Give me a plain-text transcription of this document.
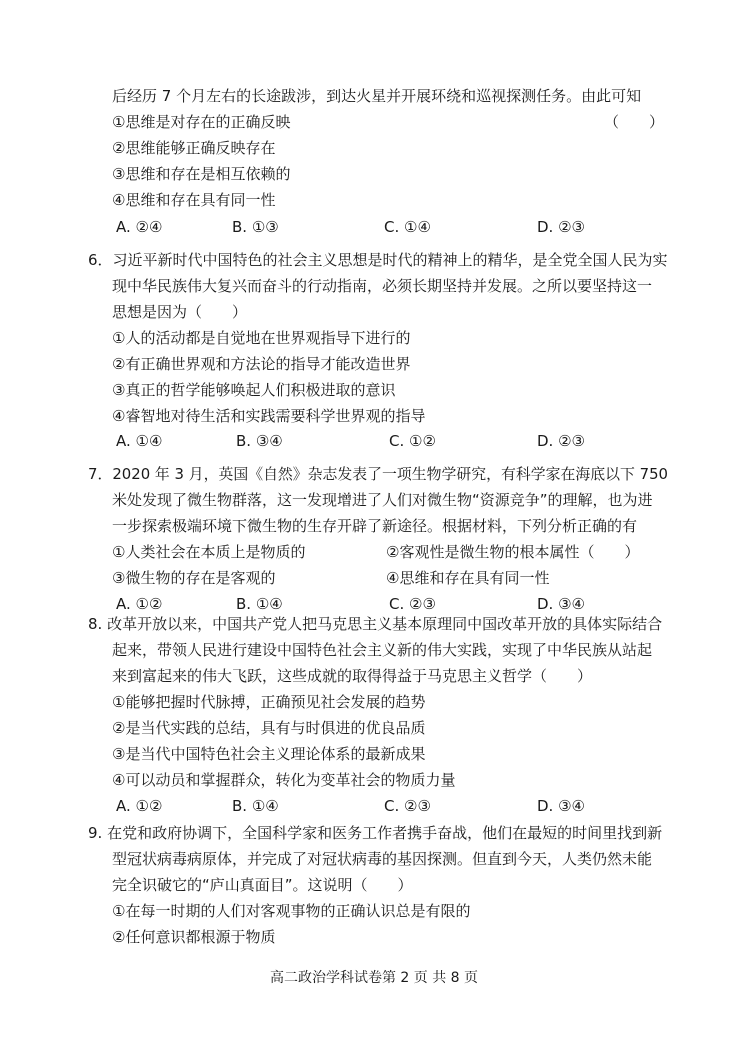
后经历 7 个月左右的长途跋涉，到达火星并开展环绕和巡视探测任务。由此可知
①思维是对存在的正确反映	（　　）
②思维能够正确反映存在
③思维和存在是相互依赖的
④思维和存在具有同一性
A. ②④	B. ①③	C. ①④	D. ②③
6．习近平新时代中国特色的社会主义思想是时代的精神上的精华，是全党全国人民为实
现中华民族伟大复兴而奋斗的行动指南，必须长期坚持并发展。之所以要坚持这一
思想是因为（　　）
①人的活动都是自觉地在世界观指导下进行的
②有正确世界观和方法论的指导才能改造世界
③真正的哲学能够唤起人们积极进取的意识
④睿智地对待生活和实践需要科学世界观的指导
A. ①④	B. ③④	C. ①②	D. ②③
7．2020 年 3 月，英国《自然》杂志发表了一项生物学研究，有科学家在海底以下 750
米处发现了微生物群落，这一发现增进了人们对微生物“资源竞争”的理解，也为进
一步探索极端环境下微生物的生存开辟了新途径。根据材料，下列分析正确的有
①人类社会在本质上是物质的	②客观性是微生物的根本属性（　　）
③微生物的存在是客观的	④思维和存在具有同一性
A. ①②	B. ①④	C. ②③	D. ③④
8. 改革开放以来，中国共产党人把马克思主义基本原理同中国改革开放的具体实际结合
起来，带领人民进行建设中国特色社会主义新的伟大实践，实现了中华民族从站起
来到富起来的伟大飞跃，这些成就的取得得益于马克思主义哲学（　　）
①能够把握时代脉搏，正确预见社会发展的趋势
②是当代实践的总结，具有与时俱进的优良品质
③是当代中国特色社会主义理论体系的最新成果
④可以动员和掌握群众，转化为变革社会的物质力量
A. ①②	B. ①④	C. ②③	D. ③④
9. 在党和政府协调下，全国科学家和医务工作者携手奋战，他们在最短的时间里找到新
型冠状病毒病原体，并完成了对冠状病毒的基因探测。但直到今天，人类仍然未能
完全识破它的“庐山真面目”。这说明（　　）
①在每一时期的人们对客观事物的正确认识总是有限的
②任何意识都根源于物质
高二政治学科试卷第 2 页 共 8 页
